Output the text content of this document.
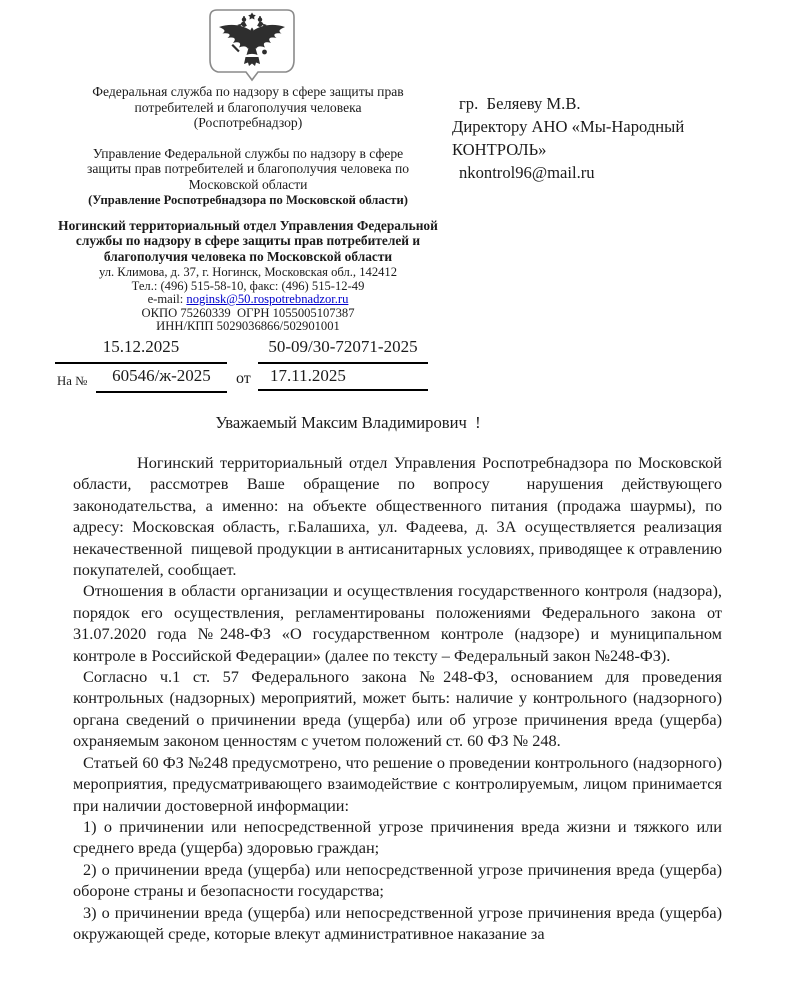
Федеральная служба по надзору в сфере защиты прав потребителей и благополучия человека
(Роспотребнадзор)
Управление Федеральной службы по надзору в сфере защиты прав потребителей и благополучия человека по Московской области
(Управление Роспотребнадзора по Московской области)
Ногинский территориальный отдел Управления Федеральной службы по надзору в сфере защиты прав потребителей и благополучия человека по Московской области
ул. Климова, д. 37, г. Ногинск, Московская обл., 142412
Тел.: (496) 515-58-10, факс: (496) 515-12-49
e-mail: noginsk@50.rospotrebnadzor.ru
ОКПО 75260339  ОГРН 1055005107387
ИНН/КПП 5029036866/502901001
гр.  Беляеву М.В.
Директору АНО «Мы-Народный КОНТРОЛЬ»
nkontrol96@mail.ru
15.12.2025	50-09/30-72071-2025
На №	60546/ж-2025	от	17.11.2025
Уважаемый Максим Владимирович  !

Ногинский территориальный отдел Управления Роспотребнадзора по Московской области, рассмотрев Ваше обращение по вопросу  нарушения действующего законодательства, а именно: на объекте общественного питания (продажа шаурмы), по адресу: Московская область, г.Балашиха, ул. Фадеева, д. 3А осуществляется реализация некачественной  пищевой продукции в антисанитарных условиях, приводящее к отравлению покупателей, сообщает.

Отношения в области организации и осуществления государственного контроля (надзора), порядок его осуществления, регламентированы положениями Федерального закона от 31.07.2020 года №248-ФЗ «О государственном контроле (надзоре) и муниципальном контроле в Российской Федерации» (далее по тексту – Федеральный закон №248-ФЗ).

Согласно ч.1 ст. 57 Федерального закона №248-ФЗ, основанием для проведения контрольных (надзорных) мероприятий, может быть: наличие у контрольного (надзорного) органа сведений о причинении вреда (ущерба) или об угрозе причинения вреда (ущерба) охраняемым законом ценностям с учетом положений ст. 60 ФЗ № 248.

Статьей 60 ФЗ №248 предусмотрено, что решение о проведении контрольного (надзорного) мероприятия, предусматривающего взаимодействие с контролируемым, лицом принимается при наличии достоверной информации:

1) о причинении или непосредственной угрозе причинения вреда жизни и тяжкого или среднего вреда (ущерба) здоровью граждан;

2) о причинении вреда (ущерба) или непосредственной угрозе причинения вреда (ущерба) обороне страны и безопасности государства;

3) о причинении вреда (ущерба) или непосредственной угрозе причинения вреда (ущерба) окружающей среде, которые влекут административное наказание за
